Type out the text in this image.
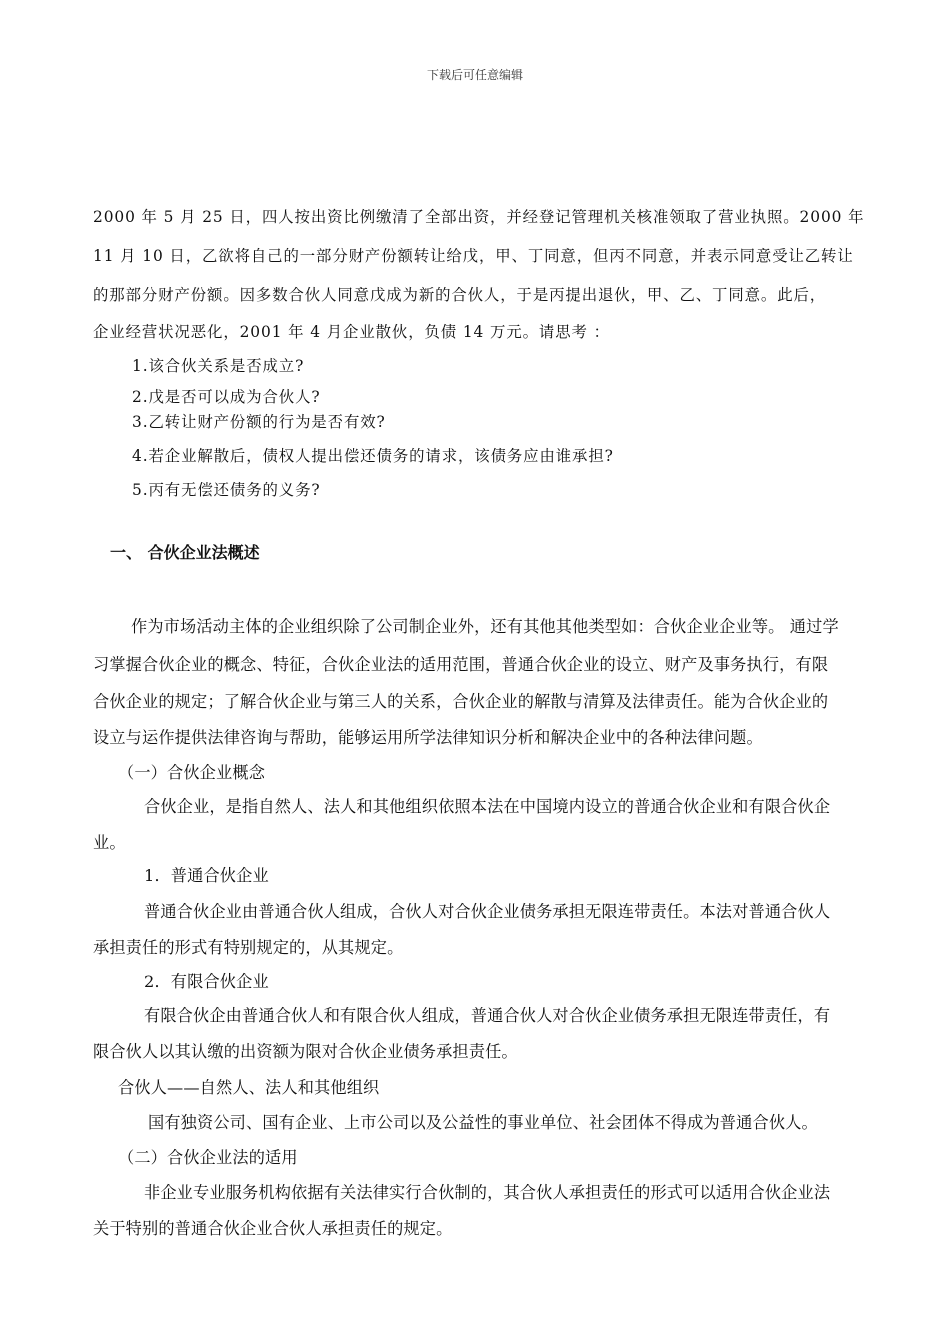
下载后可任意编辑
2000 年 5 月 25 日，四人按出资比例缴清了全部出资，并经登记管理机关核准领取了营业执照。2000 年
11 月 10 日，乙欲将自己的一部分财产份额转让给戊，甲、丁同意，但丙不同意，并表示同意受让乙转让
的那部分财产份额。因多数合伙人同意戊成为新的合伙人，于是丙提出退伙，甲、乙、丁同意。此后，
企业经营状况恶化，2001 年 4 月企业散伙，负债 14 万元。请思考 ：
1.该合伙关系是否成立?
2.戊是否可以成为合伙人?
3.乙转让财产份额的行为是否有效?
4.若企业解散后，债权人提出偿还债务的请求，该债务应由谁承担?
5.丙有无偿还债务的义务?
一、 合伙企业法概述
作为市场活动主体的企业组织除了公司制企业外，还有其他其他类型如：合伙企业企业等。 通过学
习掌握合伙企业的概念、特征，合伙企业法的适用范围，普通合伙企业的设立、财产及事务执行，有限
合伙企业的规定；了解合伙企业与第三人的关系，合伙企业的解散与清算及法律责任。能为合伙企业的
设立与运作提供法律咨询与帮助，能够运用所学法律知识分析和解决企业中的各种法律问题。
（一）合伙企业概念
合伙企业，是指自然人、法人和其他组织依照本法在中国境内设立的普通合伙企业和有限合伙企
业。
1．普通合伙企业
普通合伙企业由普通合伙人组成，合伙人对合伙企业债务承担无限连带责任。本法对普通合伙人
承担责任的形式有特别规定的，从其规定。
2．有限合伙企业
有限合伙企由普通合伙人和有限合伙人组成，普通合伙人对合伙企业债务承担无限连带责任，有
限合伙人以其认缴的出资额为限对合伙企业债务承担责任。
合伙人——自然人、法人和其他组织
国有独资公司、国有企业、上市公司以及公益性的事业单位、社会团体不得成为普通合伙人。
（二）合伙企业法的适用
非企业专业服务机构依据有关法律实行合伙制的，其合伙人承担责任的形式可以适用合伙企业法
关于特别的普通合伙企业合伙人承担责任的规定。
